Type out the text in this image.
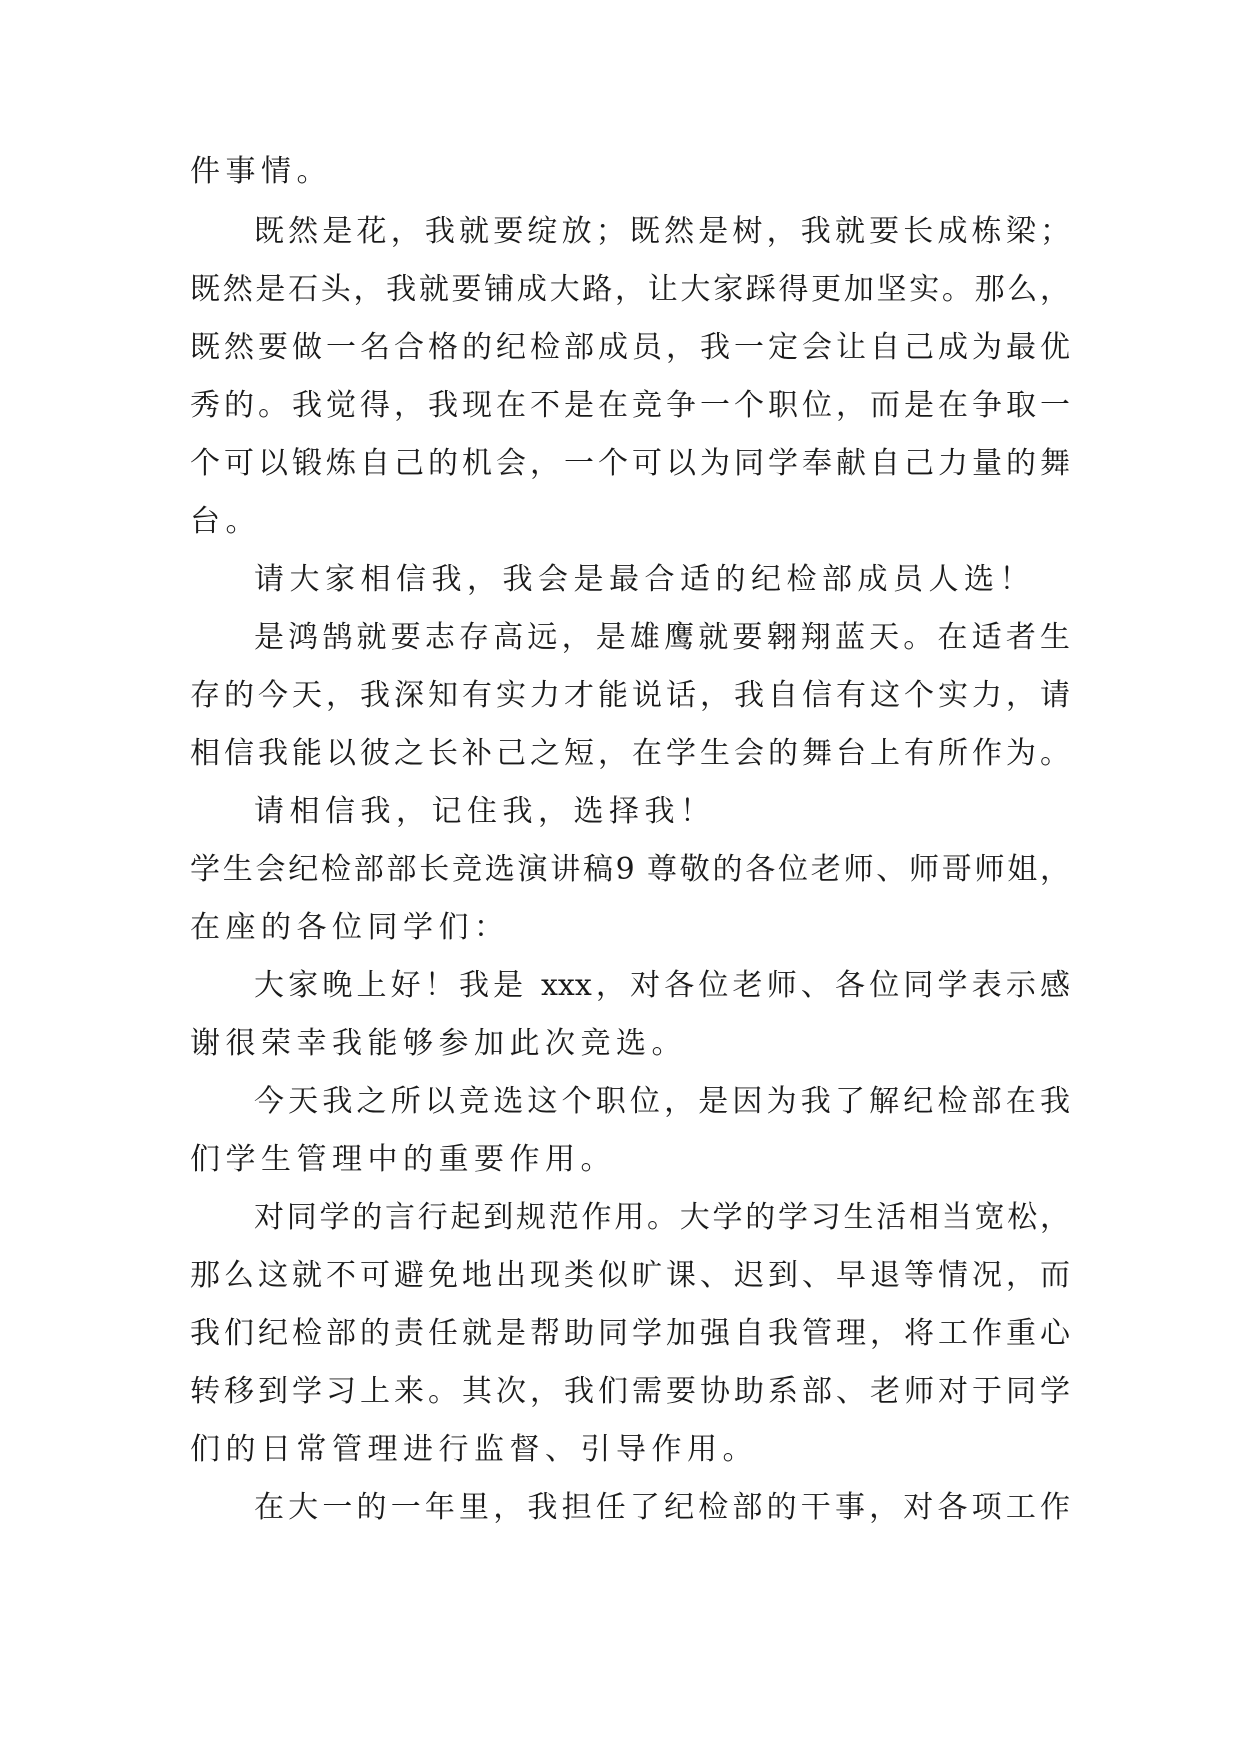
件事情。
既然是花，我就要绽放；既然是树，我就要长成栋梁；
既然是石头，我就要铺成大路，让大家踩得更加坚实。那么，
既然要做一名合格的纪检部成员，我一定会让自己成为最优
秀的。我觉得，我现在不是在竞争一个职位，而是在争取一
个可以锻炼自己的机会，一个可以为同学奉献自己力量的舞
台。
请大家相信我，我会是最合适的纪检部成员人选！
是鸿鹄就要志存高远，是雄鹰就要翱翔蓝天。在适者生
存的今天，我深知有实力才能说话，我自信有这个实力，请
相信我能以彼之长补己之短，在学生会的舞台上有所作为。
请相信我，记住我，选择我！
学生会纪检部部长竞选演讲稿9 尊敬的各位老师、师哥师姐，
在座的各位同学们：
大家晚上好！我是 xxx，对各位老师、各位同学表示感
谢很荣幸我能够参加此次竞选。
今天我之所以竞选这个职位，是因为我了解纪检部在我
们学生管理中的重要作用。
对同学的言行起到规范作用。大学的学习生活相当宽松，
那么这就不可避免地出现类似旷课、迟到、早退等情况，而
我们纪检部的责任就是帮助同学加强自我管理，将工作重心
转移到学习上来。其次，我们需要协助系部、老师对于同学
们的日常管理进行监督、引导作用。
在大一的一年里，我担任了纪检部的干事，对各项工作
